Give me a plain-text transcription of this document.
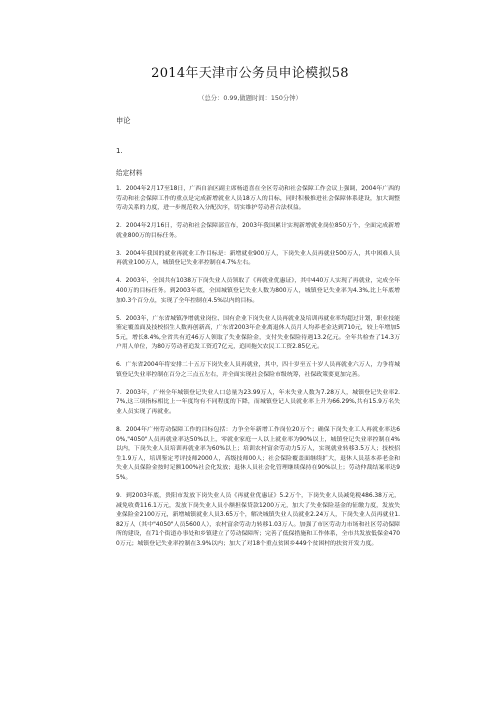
2014年天津市公务员申论模拟58
（总分：0.99,做题时间：150分钟）
申论
1.
给定材料

1．2004年2月17至18日，广西自治区副主席杨道喜在全区劳动和社会保障工作会议上强调，2004年广西的劳动和社会保障工作的重点是完成新增就业人员18万人的目标，同时积极推进社会保障体系建设，加大调整劳动关系的力度，进一步规范收入分配次序，切实维护劳动者合法权益。

2．2004年2月16日，劳动和社会保障部宣布，2003年我国累计实现新增就业岗位850万个，全面完成新增就业800万的目标任务。

3．2004年我国的就业再就业工作目标是：新增就业900万人，下岗失业人员再就业500万人，其中困难人员再就业100万人，城镇登记失业率控制在4.7%左右。

4．2003年，全国共有1038万下岗失业人员领取了《再就业优惠证》，其中440万人实现了再就业，完成全年400万的目标任务。到2003年底，全国城镇登记失业人数为800万人，城镇登记失业率为4.3%,比上年底增加0.3个百分点，实现了全年控制在4.5%以内的目标。

5．2003年，广东省城镇净增就业岗位、国有企业下岗失业人员再就业及培训再就业率均超过计划，职业技能鉴定覆盖面及技校招生人数再创新高，广东省2003年企业离退休人员月人均养老金达到710元，较上年增加55元，增长8.4%,全省共有近46万人领取了失业保险金，支付失业保险待遇13.2亿元。全年共检查了14.3万户用人单位，为80万劳动者追发工资近7亿元，追回拖欠农民工工资2.85亿元。

6．广东省2004年将安排二十五万下岗失业人员再就业，其中，四十岁至五十岁人员再就业六万人，力争将城镇登记失业率控制在百分之三点五左右，并全面实现社会保险市级统筹，社保政策要更加完善。

7．2003年，广州全年城镇登记失业人口总量为23.99万人，年末失业人数为7.28万人，城镇登记失业率2.7%,这三项指标相比上一年度均有不同程度的下降，而城镇登记人员就业率上升为66.29%,共有15.9万名失业人员实现了再就业。

8．2004年广州劳动保障工作的目标包括：力争全年新增工作岗位20万个；确保下岗失业工人再就业率达60%,"4050"人员再就业率达50%以上，零就业家庭一人以上就业率为90%以上，城镇登记失业率控制在4%以内，下岗失业人员培训再就业率为60%以上；培训农村富余劳动力5万人，实现就业转移3.5万人；技校招生1.9万人，培训鉴定考评技师2000人，高级技师00人；社会保险覆盖面继续扩大，退休人员基本养老金和失业人员保险金按时足额100%社会化发放；退休人员社会化管理继续保持在90%以上；劳动仲裁结案率达95%。

9．到2003年底，贵阳市发放下岗失业人员《再就业优惠证》5.2万个，下岗失业人员减免税486.38万元，减免收费116.1万元，发放下岗失业人员小额担保贷款1200万元，加大了失业保险基金的征缴力度，发放失业保险金2100万元，新增城镇就业人员3.65万个，解决城镇失业人员就业2.24万人，下岗失业人员再就业1.82万人（其中"4050"人员5600人），农村富余劳动力转移1.03万人。加强了市区劳动力市场和社区劳动保障所的建设，在71个街道办事处和乡镇建立了劳动保障所；完善了低保措施和工作体系，全市共发放低保金4700万元；城镇登记失业率控制在3.9%以内；加大了对18个重点贫困乡449个贫困村的扶贫开发力度。
